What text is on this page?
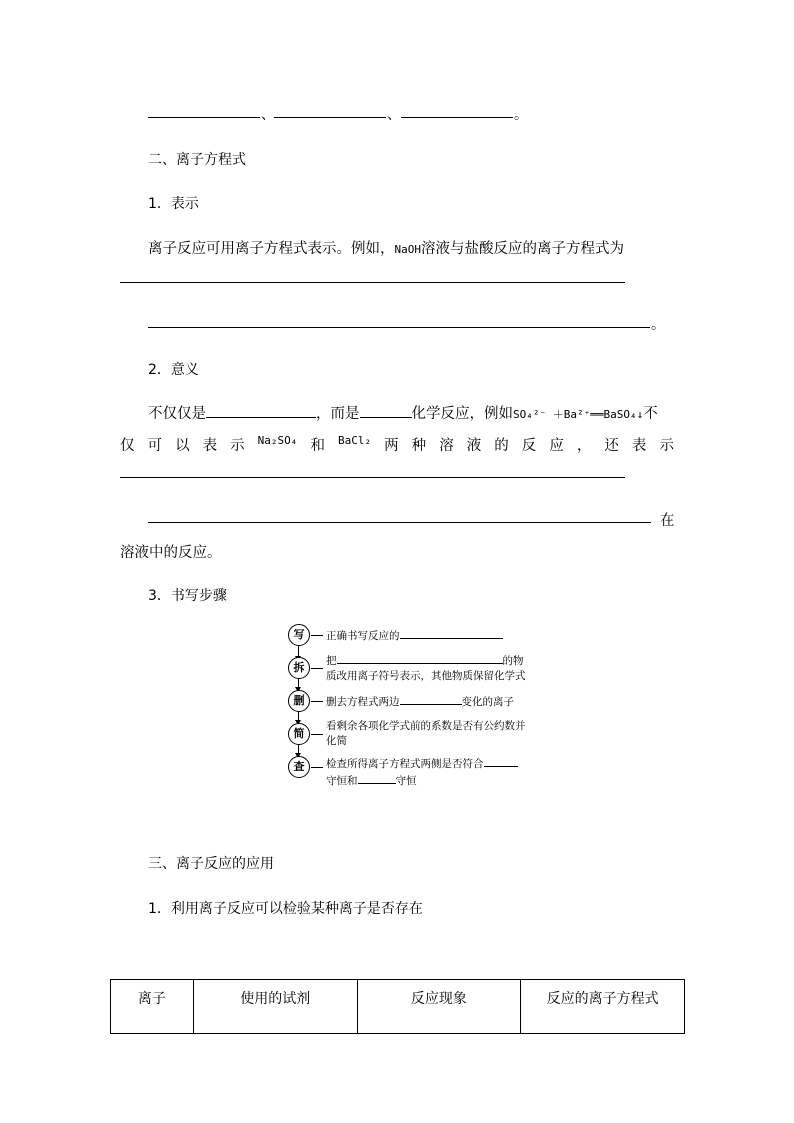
、	、	。
二、离子方程式
1．表示
离子反应可用离子方程式表示。例如，NaOH溶液与盐酸反应的离子方程式为
。
2．意义
不仅仅是	，而是	化学反应，例如SO₄²⁻ ＋Ba²⁺══BaSO₄↓不
仅 可 以 表 示 Na₂SO₄ 和 BaCl₂ 两 种 溶 液 的 反 应 ， 还 表 示
在
溶液中的反应。
3．书写步骤
写	正确书写反应的
拆	把	的物
质改用离子符号表示，其他物质保留化学式
删	删去方程式两边	变化的离子
简
看剩余各项化学式前的系数是否有公约数并
化简
查	检查所得离子方程式两侧是否符合
守恒和	守恒
三、离子反应的应用
1．利用离子反应可以检验某种离子是否存在
离子	使用的试剂	反应现象	反应的离子方程式
